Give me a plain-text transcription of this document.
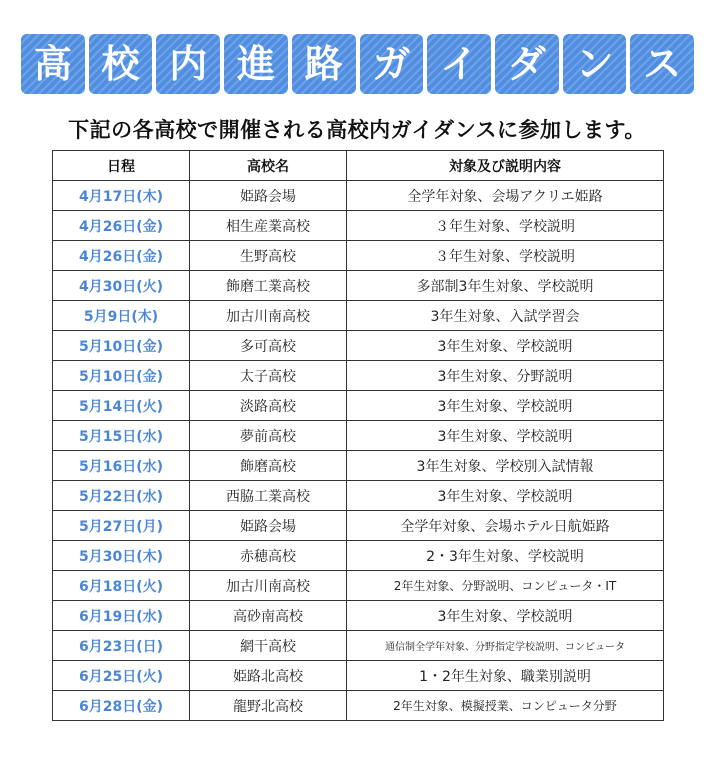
高 校 内 進 路 ガ イ ダ ン ス
下記の各高校で開催される高校内ガイダンスに参加します。
日程	高校名	対象及び説明内容
4月17日(木)	姫路会場	全学年対象、会場アクリエ姫路
4月26日(金)	相生産業高校	３年生対象、学校説明
4月26日(金)	生野高校	３年生対象、学校説明
4月30日(火)	飾磨工業高校	多部制3年生対象、学校説明
5月9日(木)	加古川南高校	3年生対象、入試学習会
5月10日(金)	多可高校	3年生対象、学校説明
5月10日(金)	太子高校	3年生対象、分野説明
5月14日(火)	淡路高校	3年生対象、学校説明
5月15日(水)	夢前高校	3年生対象、学校説明
5月16日(水)	飾磨高校	3年生対象、学校別入試情報
5月22日(水)	西脇工業高校	3年生対象、学校説明
5月27日(月)	姫路会場	全学年対象、会場ホテル日航姫路
5月30日(木)	赤穂高校	2・3年生対象、学校説明
6月18日(火)	加古川南高校	2年生対象、分野説明、コンピュータ・IT
6月19日(水)	高砂南高校	3年生対象、学校説明
6月23日(日)	網干高校	通信制全学年対象、分野指定学校説明、コンピュータ
6月25日(火)	姫路北高校	1・2年生対象、職業別説明
6月28日(金)	龍野北高校	2年生対象、模擬授業、コンピュータ分野
